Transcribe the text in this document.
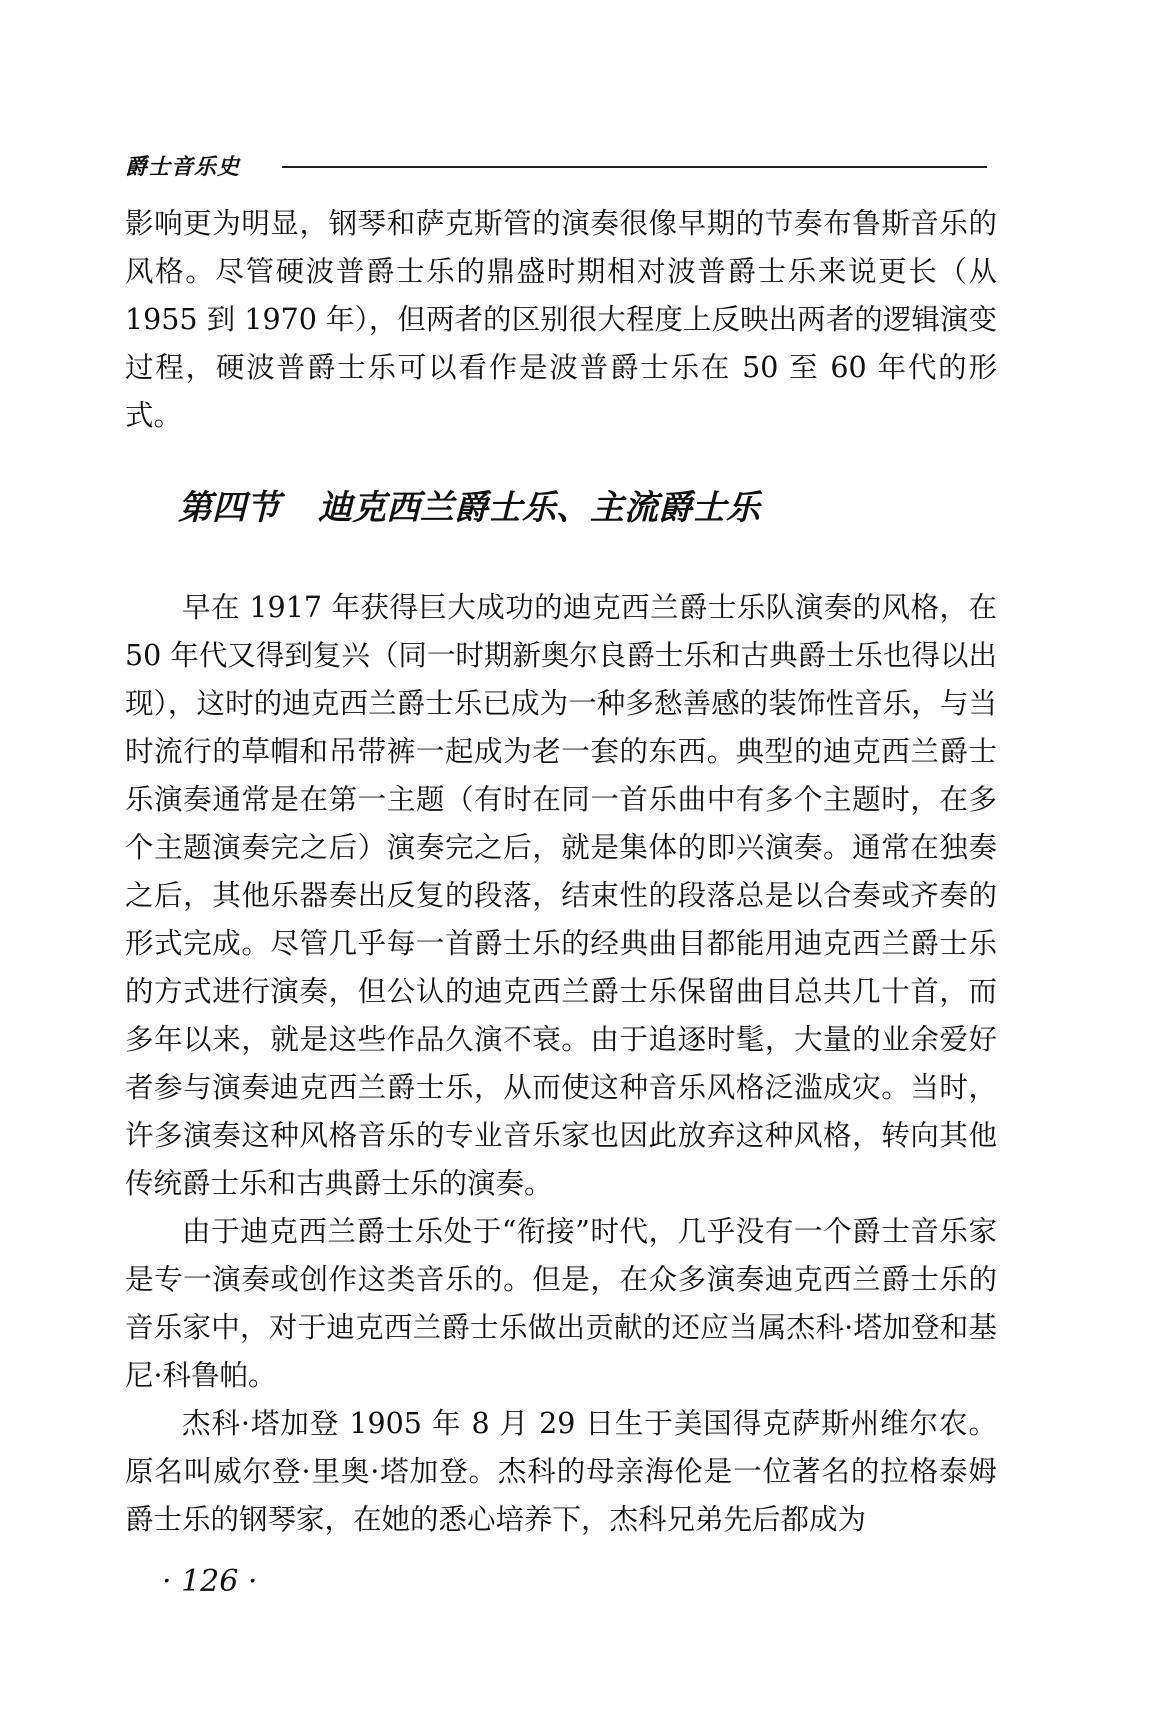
爵士音乐史

影响更为明显，钢琴和萨克斯管的演奏很像早期的节奏布鲁斯音乐的风格。尽管硬波普爵士乐的鼎盛时期相对波普爵士乐来说更长（从 1955 到 1970 年），但两者的区别很大程度上反映出两者的逻辑演变过程，硬波普爵士乐可以看作是波普爵士乐在 50 至 60 年代的形式。

第四节 迪克西兰爵士乐、主流爵士乐

早在 1917 年获得巨大成功的迪克西兰爵士乐队演奏的风格，在 50 年代又得到复兴（同一时期新奥尔良爵士乐和古典爵士乐也得以出现），这时的迪克西兰爵士乐已成为一种多愁善感的装饰性音乐，与当时流行的草帽和吊带裤一起成为老一套的东西。典型的迪克西兰爵士乐演奏通常是在第一主题（有时在同一首乐曲中有多个主题时，在多个主题演奏完之后）演奏完之后，就是集体的即兴演奏。通常在独奏之后，其他乐器奏出反复的段落，结束性的段落总是以合奏或齐奏的形式完成。尽管几乎每一首爵士乐的经典曲目都能用迪克西兰爵士乐的方式进行演奏，但公认的迪克西兰爵士乐保留曲目总共几十首，而多年以来，就是这些作品久演不衰。由于追逐时髦，大量的业余爱好者参与演奏迪克西兰爵士乐，从而使这种音乐风格泛滥成灾。当时，许多演奏这种风格音乐的专业音乐家也因此放弃这种风格，转向其他传统爵士乐和古典爵士乐的演奏。

由于迪克西兰爵士乐处于“衔接”时代，几乎没有一个爵士音乐家是专一演奏或创作这类音乐的。但是，在众多演奏迪克西兰爵士乐的音乐家中，对于迪克西兰爵士乐做出贡献的还应当属杰科·塔加登和基尼·科鲁帕。

杰科·塔加登 1905 年 8 月 29 日生于美国得克萨斯州维尔农。原名叫威尔登·里奥·塔加登。杰科的母亲海伦是一位著名的拉格泰姆爵士乐的钢琴家，在她的悉心培养下，杰科兄弟先后都成为

· 126 ·
